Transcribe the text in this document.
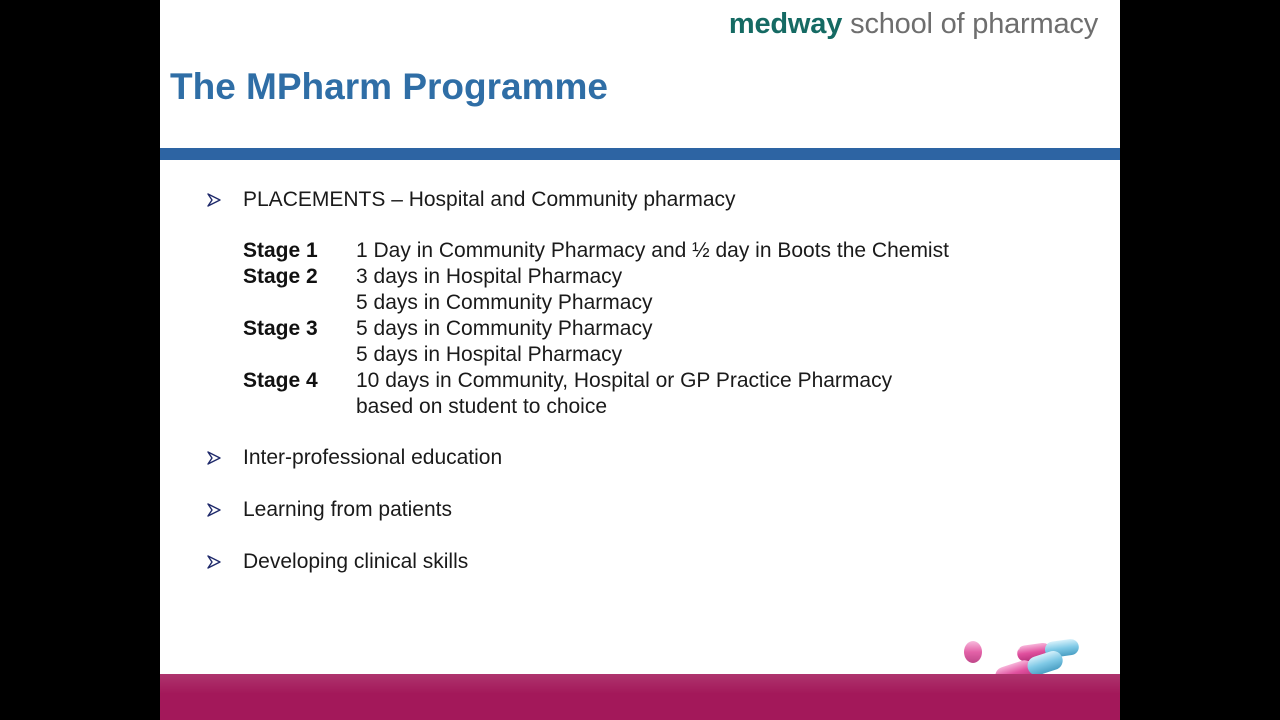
medway school of pharmacy
The MPharm Programme
PLACEMENTS – Hospital and Community pharmacy
Stage 1 1 Day in Community Pharmacy and ½ day in Boots the Chemist
Stage 2 3 days in Hospital Pharmacy
5 days in Community Pharmacy
Stage 3 5 days in Community Pharmacy
5 days in Hospital Pharmacy
Stage 4 10 days in Community, Hospital or GP Practice Pharmacy
based on student to choice
Inter-professional education
Learning from patients
Developing clinical skills
